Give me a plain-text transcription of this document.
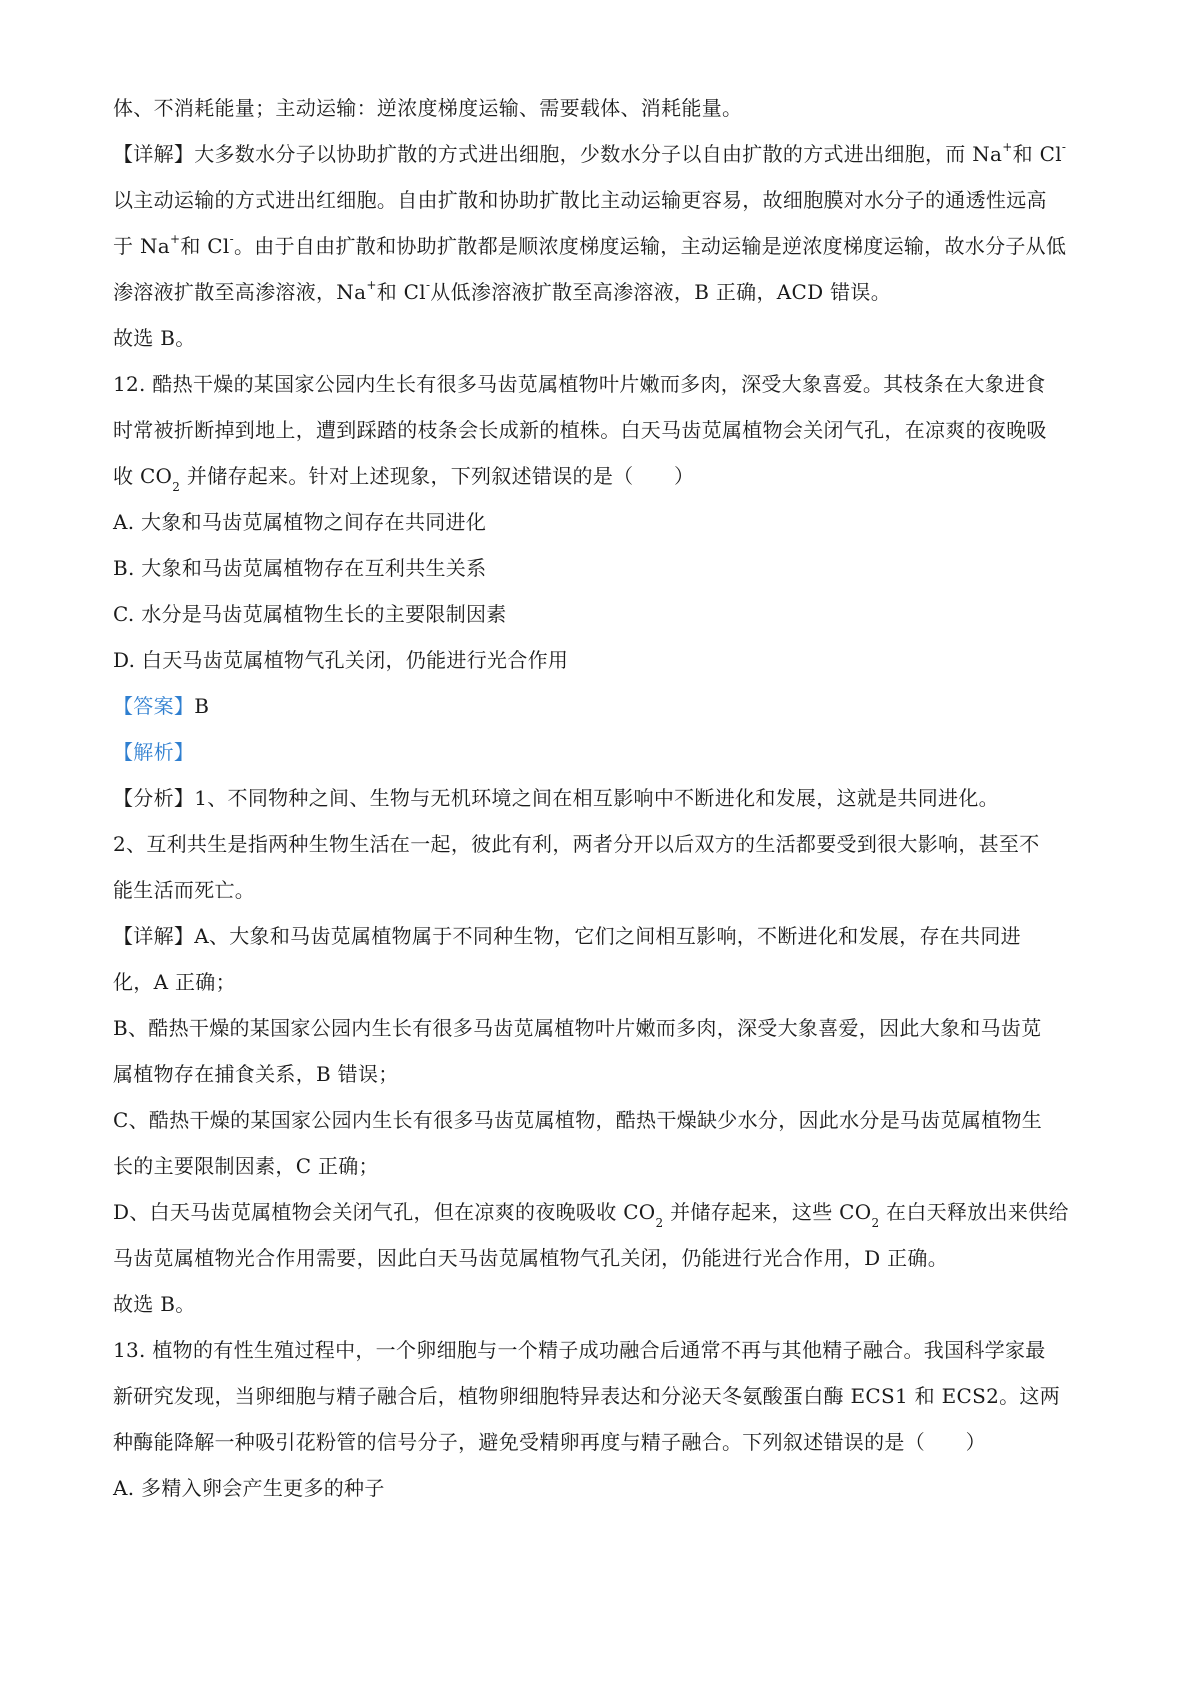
体、不消耗能量；主动运输：逆浓度梯度运输、需要载体、消耗能量。

【详解】大多数水分子以协助扩散的方式进出细胞，少数水分子以自由扩散的方式进出细胞，而 Na+和 Cl-

以主动运输的方式进出红细胞。自由扩散和协助扩散比主动运输更容易，故细胞膜对水分子的通透性远高

于 Na+和 Cl-。由于自由扩散和协助扩散都是顺浓度梯度运输，主动运输是逆浓度梯度运输，故水分子从低

渗溶液扩散至高渗溶液，Na+和 Cl-从低渗溶液扩散至高渗溶液，B 正确，ACD 错误。

故选 B。

12. 酷热干燥的某国家公园内生长有很多马齿苋属植物叶片嫩而多肉，深受大象喜爱。其枝条在大象进食

时常被折断掉到地上，遭到踩踏的枝条会长成新的植株。白天马齿苋属植物会关闭气孔，在凉爽的夜晚吸

收 $CO_2$ 并储存起来。针对上述现象，下列叙述错误的是（　　）

A. 大象和马齿苋属植物之间存在共同进化

B. 大象和马齿苋属植物存在互利共生关系

C. 水分是马齿苋属植物生长的主要限制因素

D. 白天马齿苋属植物气孔关闭，仍能进行光合作用

【答案】B

【解析】

【分析】1、不同物种之间、生物与无机环境之间在相互影响中不断进化和发展，这就是共同进化。

2、互利共生是指两种生物生活在一起，彼此有利，两者分开以后双方的生活都要受到很大影响，甚至不

能生活而死亡。

【详解】A、大象和马齿苋属植物属于不同种生物，它们之间相互影响，不断进化和发展，存在共同进

化，A 正确；

B、酷热干燥的某国家公园内生长有很多马齿苋属植物叶片嫩而多肉，深受大象喜爱，因此大象和马齿苋

属植物存在捕食关系，B 错误；

C、酷热干燥的某国家公园内生长有很多马齿苋属植物，酷热干燥缺少水分，因此水分是马齿苋属植物生

长的主要限制因素，C 正确；

D、白天马齿苋属植物会关闭气孔，但在凉爽的夜晚吸收 $CO_2$ 并储存起来，这些 $CO_2$ 在白天释放出来供给

马齿苋属植物光合作用需要，因此白天马齿苋属植物气孔关闭，仍能进行光合作用，D 正确。

故选 B。

13. 植物的有性生殖过程中，一个卵细胞与一个精子成功融合后通常不再与其他精子融合。我国科学家最

新研究发现，当卵细胞与精子融合后，植物卵细胞特异表达和分泌天冬氨酸蛋白酶 ECS1 和 ECS2。这两

种酶能降解一种吸引花粉管的信号分子，避免受精卵再度与精子融合。下列叙述错误的是（　　）

A. 多精入卵会产生更多的种子
